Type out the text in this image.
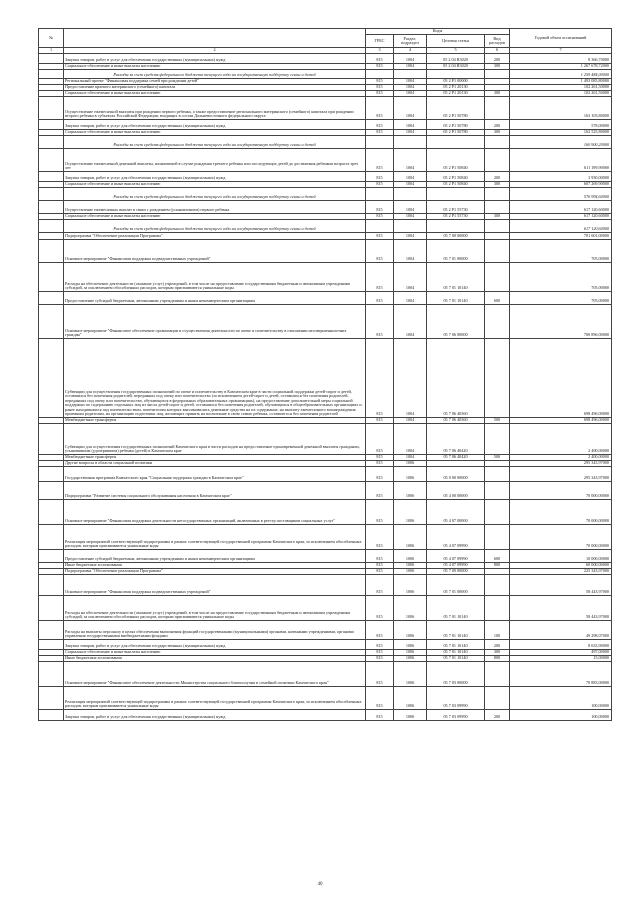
№		Коды				Годовой объем ассигнований
		ГРБС	Раздел, подраздел	Целевая статья	Вид расходов	
1	2	3	4	5	6	7
	Закупка товаров, работ и услуг для обеспечения государственных (муниципальных) нужд	815	1004	05 2 04 R3020	200	8 366,70000
	Социальное обеспечение и иные выплаты населению	815	1004	05 2 04 R3020	300	1 267 678,72000
	Расходы за счет средств федерального бюджета текущего года на государственную поддержку семьи и детей					1 259 484,00000
	Региональный проект "Финансовая поддержка семей при рождении детей"	815	1004	05 2 P1 00000		1 493 085,80000
	Предоставление краевого материнского (семейного) капитала	815	1004	05 2 P1 20130		102 261,50000
	Социальное обеспечение и иные выплаты населению	815	1004	05 2 P1 20130	300	102 261,50000
	Осуществление ежемесячной выплаты при рождении первого ребенка, а также предоставление регионального материнского (семейного) капитала при рождении второго ребенка в субъектах Российской Федерации, входящих в состав Дальневосточного федерального округа	815	1004	05 2 P1 50780		163 103,80000
	Закупка товаров, работ и услуг для обеспечения государственных (муниципальных) нужд	815	1004	05 2 P1 50780	200	578,00000
	Социальное обеспечение и иные выплаты населению	815	1004	05 2 P1 50780	300	162 525,80000
	Расходы за счет средств федерального бюджета текущего года на государственную поддержку семьи и детей					160 900,20000
	Осуществление ежемесячной денежной выплаты, назначаемой в случае рождения третьего ребенка или последующих детей до достижения ребенком возраста трех лет	815	1004	05 2 P1 50840		611 199,90000
	Закупка товаров, работ и услуг для обеспечения государственных (муниципальных) нужд	815	1004	05 2 P1 50840	200	3 930,00000
	Социальное обеспечение и иные выплаты населению	815	1004	05 2 P1 50840	300	607 269,90000
	Расходы за счет средств федерального бюджета текущего года на государственную поддержку семьи и детей					576 994,60000
	Осуществление ежемесячных выплат в связи с рождением (усыновлением) первого ребенка	815	1004	05 2 P1 55730		617 120,60000
	Социальное обеспечение и иные выплаты населению	815	1004	05 2 P1 55730	300	617 120,60000
	Расходы за счет средств федерального бюджета текущего года на государственную поддержку семьи и детей					617 120,60000
	Подпрограмма "Обеспечение реализации Программы"	815	1004	05 7 00 00000		701 601,00000
	Основное мероприятие "Финансовая поддержка подведомственных учреждений"	815	1004	05 7 01 00000		705,00000
	Расходы на обеспечение деятельности (оказание услуг) учреждений, в том числе на предоставление государственным бюджетным и автономным учреждениям субсидий, за исключением обособленных расходов, которым присваиваются уникальные коды	815	1004	05 7 01 10140		705,00000
	Предоставление субсидий бюджетным, автономным учреждениям и иным некоммерческим организациям	815	1004	05 7 01 10140	600	705,00000
	Основное мероприятие "Финансовое обеспечение организации и осуществления деятельности по опеке и попечительству в отношении несовершеннолетних граждан"	815	1004	05 7 06 00000		700 896,00000
	Субвенции для осуществления государственных полномочий по опеке и попечительству в Камчатском крае в части социальной поддержки детей-сирот и детей, оставшихся без попечения родителей, переданных под опеку или попечительство (за исключением детей-сирот и детей, оставшихся без попечения родителей, переданных под опеку или попечительство, обучающихся в федеральных образовательных организациях), на предоставление дополнительной меры социальной поддержки по содержанию отдельных лиц из числа детей-сирот и детей, оставшихся без попечения родителей, обучающихся в общеобразовательных организациях и ранее находившихся под попечительством, попечителям которых выплачивались денежные средства на их содержание, на выплату ежемесячного вознаграждения приемным родителям, на организацию подготовки лиц, желающих принять на воспитание в свою семью ребенка, оставшегося без попечения родителей	815	1004	05 7 06 40360		698 496,00000
	Межбюджетные трансферты	815	1004	05 7 06 40360	500	698 496,00000
	Субвенции для осуществления государственных полномочий Камчатского края в части расходов на предоставление единовременной денежной выплаты гражданам, усыновившим (удочерившим) ребенка (детей) в Камчатском крае	815	1004	05 7 06 40420		2 400,00000
	Межбюджетные трансферты	815	1004	05 7 06 40420	500	2 400,00000
	Другие вопросы в области социальной политики	815	1006			295 343,97000
	Государственная программа Камчатского края "Социальная поддержка граждан в Камчатском крае"	815	1006	05 0 00 00000		295 343,97000
	Подпрограмма "Развитие системы социального обслуживания населения в Камчатском крае"	815	1006	05 4 00 00000		70 000,00000
	Основное мероприятие "Финансовая поддержка деятельности негосударственных организаций, включенных в реестр поставщиков социальных услуг"	815	1006	05 4 07 00000		70 000,00000
	Реализация мероприятий соответствующей подпрограммы в рамках соответствующей государственной программы Камчатского края, за исключением обособленных расходов, которым присваиваются уникальные коды	815	1006	05 4 07 09990		70 000,00000
	Предоставление субсидий бюджетным, автономным учреждениям и иным некоммерческим организациям	815	1006	05 4 07 09990	600	10 000,00000
	Иные бюджетные ассигнования	815	1006	05 4 07 09990	800	60 000,00000
	Подпрограмма "Обеспечение реализации Программы"	815	1006	05 7 00 00000		225 343,97000
	Основное мероприятие "Финансовая поддержка подведомственных учреждений"	815	1006	05 7 01 00000		58 443,97000
	Расходы на обеспечение деятельности (оказание услуг) учреждений, в том числе на предоставление государственным бюджетным и автономным учреждениям субсидий, за исключением обособленных расходов, которым присваиваются уникальные коды	815	1006	05 7 01 10140		58 443,97000
	Расходы на выплаты персоналу в целях обеспечения выполнения функций государственными (муниципальными) органами, казенными учреждениями, органами управления государственными внебюджетными фондами	815	1006	05 7 01 10140	100	49 298,07000
	Закупка товаров, работ и услуг для обеспечения государственных (муниципальных) нужд	815	1006	05 7 01 10140	200	8 633,90000
	Социальное обеспечение и иные выплаты населению	815	1006	05 7 01 10140	300	497,00000
	Иные бюджетные ассигнования	815	1006	05 7 01 10140	800	15,00000
	Основное мероприятие "Финансовое обеспечение деятельности Министерства социального благополучия и семейной политики Камчатского края"	815	1006	05 7 03 00000		70 883,00000
	Реализация мероприятий соответствующей подпрограммы в рамках соответствующей государственной программы Камчатского края, за исключением обособленных расходов, которым присваиваются уникальные коды	815	1006	05 7 03 09990		100,00000
	Закупка товаров, работ и услуг для обеспечения государственных (муниципальных) нужд	815	1006	05 7 03 09990	200	100,00000
40
